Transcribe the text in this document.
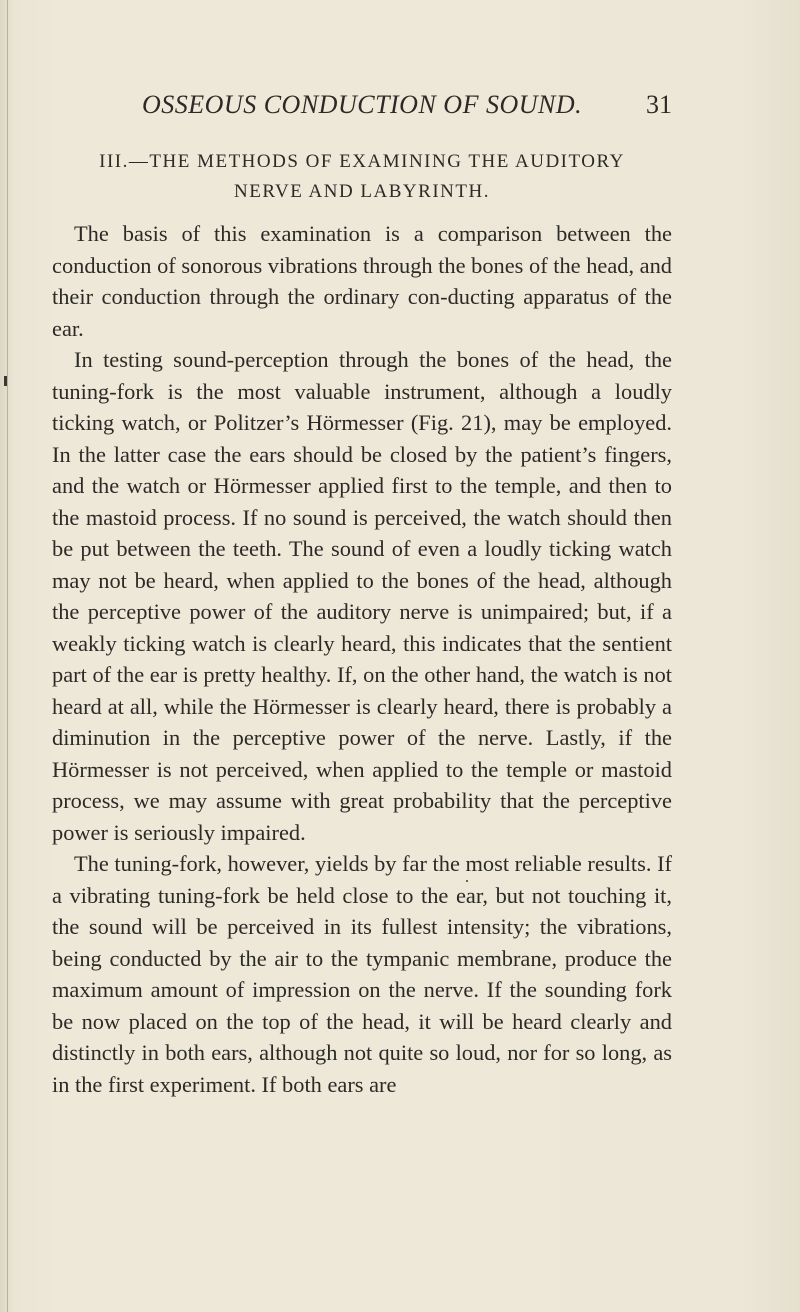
OSSEOUS CONDUCTION OF SOUND. 31
III.—THE METHODS OF EXAMINING THE AUDITORY
NERVE AND LABYRINTH.

The basis of this examination is a comparison between the conduction of sonorous vibrations through the bones of the head, and their conduction through the ordinary con-ducting apparatus of the ear.

In testing sound-perception through the bones of the head, the tuning-fork is the most valuable instrument, although a loudly ticking watch, or Politzer’s Hörmesser (Fig. 21), may be employed. In the latter case the ears should be closed by the patient’s fingers, and the watch or Hörmesser applied first to the temple, and then to the mastoid process. If no sound is perceived, the watch should then be put between the teeth. The sound of even a loudly ticking watch may not be heard, when applied to the bones of the head, although the perceptive power of the auditory nerve is unimpaired; but, if a weakly ticking watch is clearly heard, this indicates that the sentient part of the ear is pretty healthy. If, on the other hand, the watch is not heard at all, while the Hörmesser is clearly heard, there is probably a diminution in the perceptive power of the nerve. Lastly, if the Hörmesser is not perceived, when applied to the temple or mastoid process, we may assume with great probability that the perceptive power is seriously impaired.

The tuning-fork, however, yields by far the most reliable results. If a vibrating tuning-fork be held close to the ear, but not touching it, the sound will be perceived in its fullest intensity; the vibrations, being conducted by the air to the tympanic membrane, produce the maximum amount of impression on the nerve. If the sounding fork be now placed on the top of the head, it will be heard clearly and distinctly in both ears, although not quite so loud, nor for so long, as in the first experiment. If both ears are
